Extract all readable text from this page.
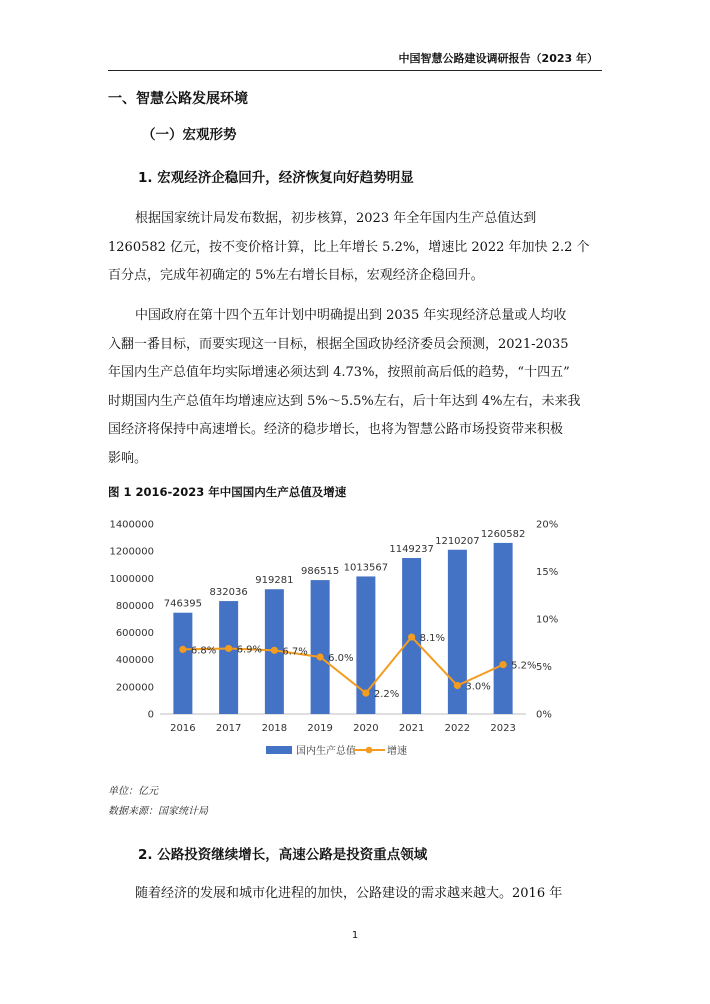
中国智慧公路建设调研报告（2023 年）
一、智慧公路发展环境
（一）宏观形势
1. 宏观经济企稳回升，经济恢复向好趋势明显
根据国家统计局发布数据，初步核算，2023 年全年国内生产总值达到
1260582 亿元，按不变价格计算，比上年增长 5.2%，增速比 2022 年加快 2.2 个
百分点，完成年初确定的 5%左右增长目标，宏观经济企稳回升。
中国政府在第十四个五年计划中明确提出到 2035 年实现经济总量或人均收
入翻一番目标，而要实现这一目标，根据全国政协经济委员会预测，2021-2035
年国内生产总值年均实际增速必须达到 4.73%，按照前高后低的趋势，“十四五”
时期国内生产总值年均增速应达到 5%～5.5%左右，后十年达到 4%左右，未来我
国经济将保持中高速增长。经济的稳步增长，也将为智慧公路市场投资带来积极
影响。
图 1 2016-2023 年中国国内生产总值及增速
0
200000
400000
600000
800000
1000000
1200000
1400000
0%
5%
10%
15%
20%
746395
832036
919281
986515 1013567
1149237
1210207
1260582
2016 2017 2018 2019 2020 2021 2022 2023
6.8% 6.9% 6.7%
6.0%
2.2%
8.1%
3.0%
5.2%
国内生产总值	增速
单位：亿元
数据来源：国家统计局
2. 公路投资继续增长，高速公路是投资重点领域
随着经济的发展和城市化进程的加快，公路建设的需求越来越大。2016 年
1
